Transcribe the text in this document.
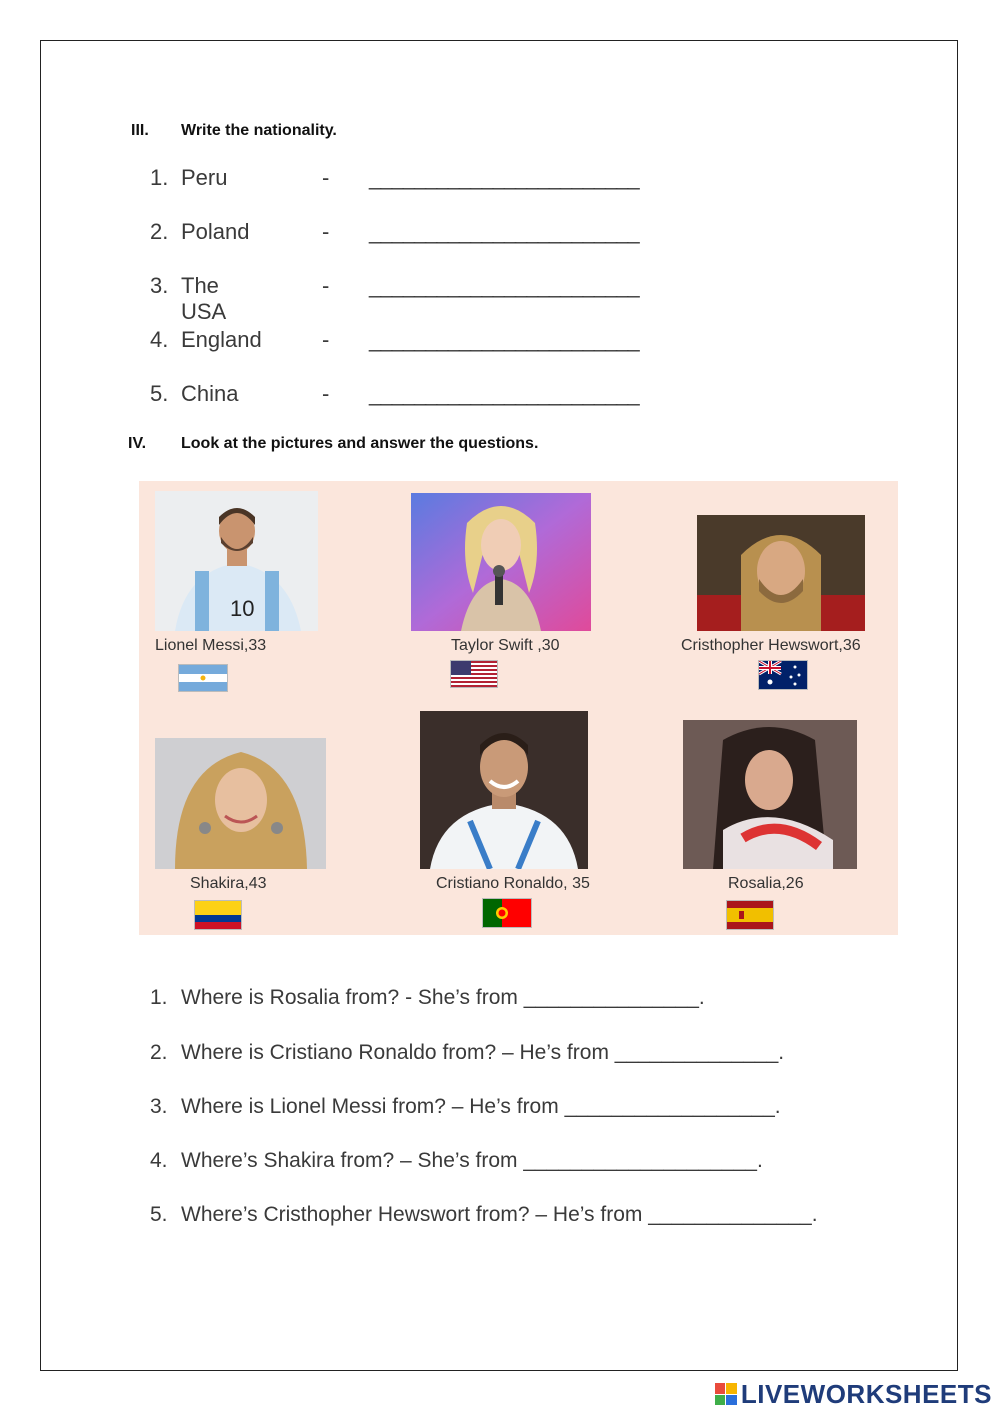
III. Write the nationality.
1. Peru	- ________________________
2. Poland	- ________________________
3. The USA
- ________________________
4. England	- ________________________
5. China	- ________________________
IV. Look at the pictures and answer the questions.
10
Lionel Messi,33	Taylor Swift ,30	Cristhopher Hewswort,36
Shakira,43	Cristiano Ronaldo, 35	Rosalia,26
1. Where is Rosalia from? - She’s from _______________.
2. Where is Cristiano Ronaldo from? – He’s from ______________.
3. Where is Lionel Messi from? – He’s from __________________.
4. Where’s Shakira from? – She’s from ____________________.
5. Where’s Cristhopher Hewswort from? – He’s from ______________.
LIVEWORKSHEETS
